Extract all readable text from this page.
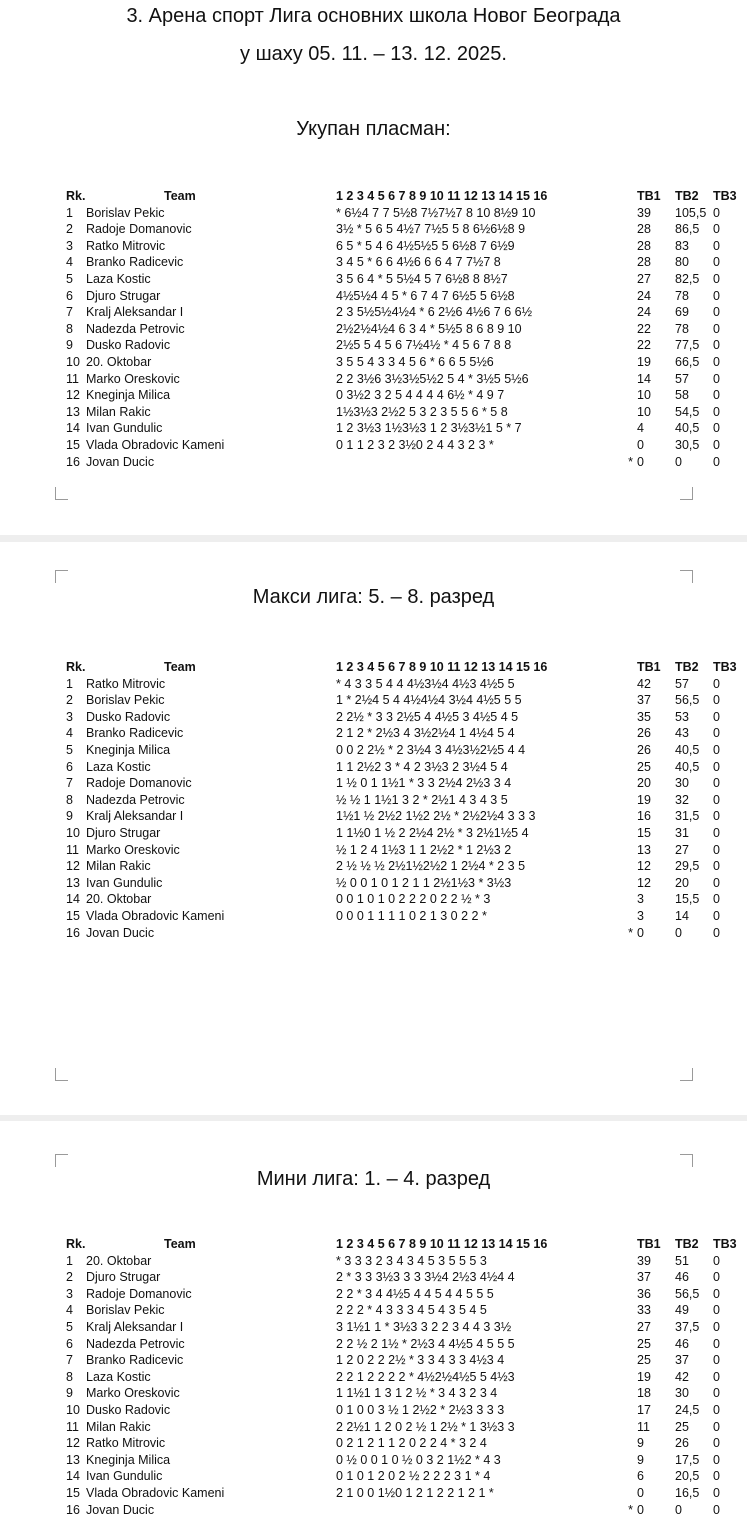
3. Арена спорт Лига основних школа Новог Београда
у шаху 05. 11. – 13. 12. 2025.
Укупан пласман:
Rk.	Team	1 2 3 4 5 6 7 8 9 10 11 12 13 14 15 16	TB1	TB2	TB3
1	Borislav Pekic	* 6½4 7 7 5½8 7½7½7 8 10 8½9 10	39	105,5	0
2	Radoje Domanovic	3½ * 5 6 5 4½7 7½5 5 8 6½6½8 9	28	86,5	0
3	Ratko Mitrovic	6 5 * 5 4 6 4½5½5 5 6½8 7 6½9	28	83	0
4	Branko Radicevic	3 4 5 * 6 6 4½6 6 6 4 7 7½7 8	28	80	0
5	Laza Kostic	3 5 6 4 * 5 5½4 5 7 6½8 8 8½7	27	82,5	0
6	Djuro Strugar	4½5½4 4 5 * 6 7 4 7 6½5 5 6½8	24	78	0
7	Kralj Aleksandar I	2 3 5½5½4½4 * 6 2½6 4½6 7 6 6½	24	69	0
8	Nadezda Petrovic	2½2½4½4 6 3 4 * 5½5 8 6 8 9 10	22	78	0
9	Dusko Radovic	2½5 5 4 5 6 7½4½ * 4 5 6 7 8 8	22	77,5	0
10	20. Oktobar	3 5 5 4 3 3 4 5 6 * 6 6 5 5½6	19	66,5	0
11	Marko Oreskovic	2 2 3½6 3½3½5½2 5 4 * 3½5 5½6	14	57	0
12	Kneginja Milica	0 3½2 3 2 5 4 4 4 4 6½ * 4 9 7	10	58	0
13	Milan Rakic	1½3½3 2½2 5 3 2 3 5 5 6 * 5 8	10	54,5	0
14	Ivan Gundulic	1 2 3½3 1½3½3 1 2 3½3½1 5 * 7	4	40,5	0
15	Vlada Obradovic Kameni	0 1 1 2 3 2 3½0 2 4 4 3 2 3 *	0	30,5	0
16	Jovan Ducic	*	0	0	0
Макси лига: 5. – 8. разред
Rk.	Team	1 2 3 4 5 6 7 8 9 10 11 12 13 14 15 16	TB1	TB2	TB3
1	Ratko Mitrovic	* 4 3 3 5 4 4 4½3½4 4½3 4½5 5	42	57	0
2	Borislav Pekic	1 * 2½4 5 4 4½4½4 3½4 4½5 5 5	37	56,5	0
3	Dusko Radovic	2 2½ * 3 3 2½5 4 4½5 3 4½5 4 5	35	53	0
4	Branko Radicevic	2 1 2 * 2½3 4 3½2½4 1 4½4 5 4	26	43	0
5	Kneginja Milica	0 0 2 2½ * 2 3½4 3 4½3½2½5 4 4	26	40,5	0
6	Laza Kostic	1 1 2½2 3 * 4 2 3½3 2 3½4 5 4	25	40,5	0
7	Radoje Domanovic	1 ½ 0 1 1½1 * 3 3 2½4 2½3 3 4	20	30	0
8	Nadezda Petrovic	½ ½ 1 1½1 3 2 * 2½1 4 3 4 3 5	19	32	0
9	Kralj Aleksandar I	1½1 ½ 2½2 1½2 2½ * 2½2½4 3 3 3	16	31,5	0
10	Djuro Strugar	1 1½0 1 ½ 2 2½4 2½ * 3 2½1½5 4	15	31	0
11	Marko Oreskovic	½ 1 2 4 1½3 1 1 2½2 * 1 2½3 2	13	27	0
12	Milan Rakic	2 ½ ½ ½ 2½1½2½2 1 2½4 * 2 3 5	12	29,5	0
13	Ivan Gundulic	½ 0 0 1 0 1 2 1 1 2½1½3 * 3½3	12	20	0
14	20. Oktobar	0 0 1 0 1 0 2 2 2 0 2 2 ½ * 3	3	15,5	0
15	Vlada Obradovic Kameni	0 0 0 1 1 1 1 0 2 1 3 0 2 2 *	3	14	0
16	Jovan Ducic	*	0	0	0
Мини лига: 1. – 4. разред
Rk.	Team	1 2 3 4 5 6 7 8 9 10 11 12 13 14 15 16	TB1	TB2	TB3
1	20. Oktobar	* 3 3 3 2 3 4 3 4 5 3 5 5 5 3	39	51	0
2	Djuro Strugar	2 * 3 3 3½3 3 3 3½4 2½3 4½4 4	37	46	0
3	Radoje Domanovic	2 2 * 3 4 4½5 4 4 5 4 4 5 5 5	36	56,5	0
4	Borislav Pekic	2 2 2 * 4 3 3 3 4 5 4 3 5 4 5	33	49	0
5	Kralj Aleksandar I	3 1½1 1 * 3½3 3 2 2 3 4 4 3 3½	27	37,5	0
6	Nadezda Petrovic	2 2 ½ 2 1½ * 2½3 4 4½5 4 5 5 5	25	46	0
7	Branko Radicevic	1 2 0 2 2 2½ * 3 3 4 3 3 4½3 4	25	37	0
8	Laza Kostic	2 2 1 2 2 2 2 * 4½2½4½5 5 4½3	19	42	0
9	Marko Oreskovic	1 1½1 1 3 1 2 ½ * 3 4 3 2 3 4	18	30	0
10	Dusko Radovic	0 1 0 0 3 ½ 1 2½2 * 2½3 3 3 3	17	24,5	0
11	Milan Rakic	2 2½1 1 2 0 2 ½ 1 2½ * 1 3½3 3	11	25	0
12	Ratko Mitrovic	0 2 1 2 1 1 2 0 2 2 4 * 3 2 4	9	26	0
13	Kneginja Milica	0 ½ 0 0 1 0 ½ 0 3 2 1½2 * 4 3	9	17,5	0
14	Ivan Gundulic	0 1 0 1 2 0 2 ½ 2 2 2 3 1 * 4	6	20,5	0
15	Vlada Obradovic Kameni	2 1 0 0 1½0 1 2 1 2 2 1 2 1 *	0	16,5	0
16	Jovan Ducic	*	0	0	0
